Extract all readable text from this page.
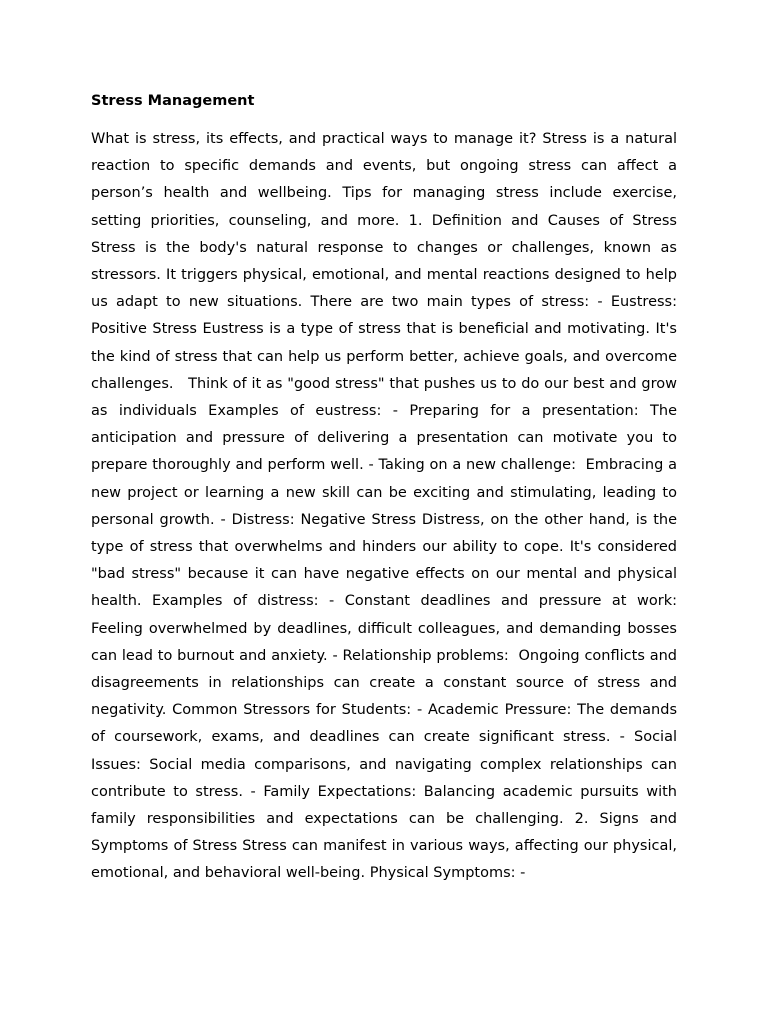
Stress Management

What is stress, its effects, and practical ways to manage it? Stress is a natural reaction to specific demands and events, but ongoing stress can affect a person’s health and wellbeing. Tips for managing stress include exercise, setting priorities, counseling, and more. 1. Definition and Causes of Stress Stress is the body's natural response to changes or challenges, known as stressors. It triggers physical, emotional, and mental reactions designed to help us adapt to new situations. There are two main types of stress: - Eustress: Positive Stress Eustress is a type of stress that is beneficial and motivating. It's the kind of stress that can help us perform better, achieve goals, and overcome challenges.   Think of it as "good stress" that pushes us to do our best and grow as individuals Examples of eustress: - Preparing for a presentation: The anticipation and pressure of delivering a presentation can motivate you to prepare thoroughly and perform well. - Taking on a new challenge:  Embracing a new project or learning a new skill can be exciting and stimulating, leading to personal growth. - Distress: Negative Stress Distress, on the other hand, is the type of stress that overwhelms and hinders our ability to cope. It's considered "bad stress" because it can have negative effects on our mental and physical health. Examples of distress: - Constant deadlines and pressure at work:  Feeling overwhelmed by deadlines, difficult colleagues, and demanding bosses can lead to burnout and anxiety. - Relationship problems:  Ongoing conflicts and disagreements in relationships can create a constant source of stress and negativity. Common Stressors for Students: - Academic Pressure: The demands of coursework, exams, and deadlines can create significant stress. - Social Issues: Social media comparisons, and navigating complex relationships can contribute to stress. - Family Expectations: Balancing academic pursuits with family responsibilities and expectations can be challenging. 2. Signs and Symptoms of Stress Stress can manifest in various ways, affecting our physical, emotional, and behavioral well-being. Physical Symptoms: -
